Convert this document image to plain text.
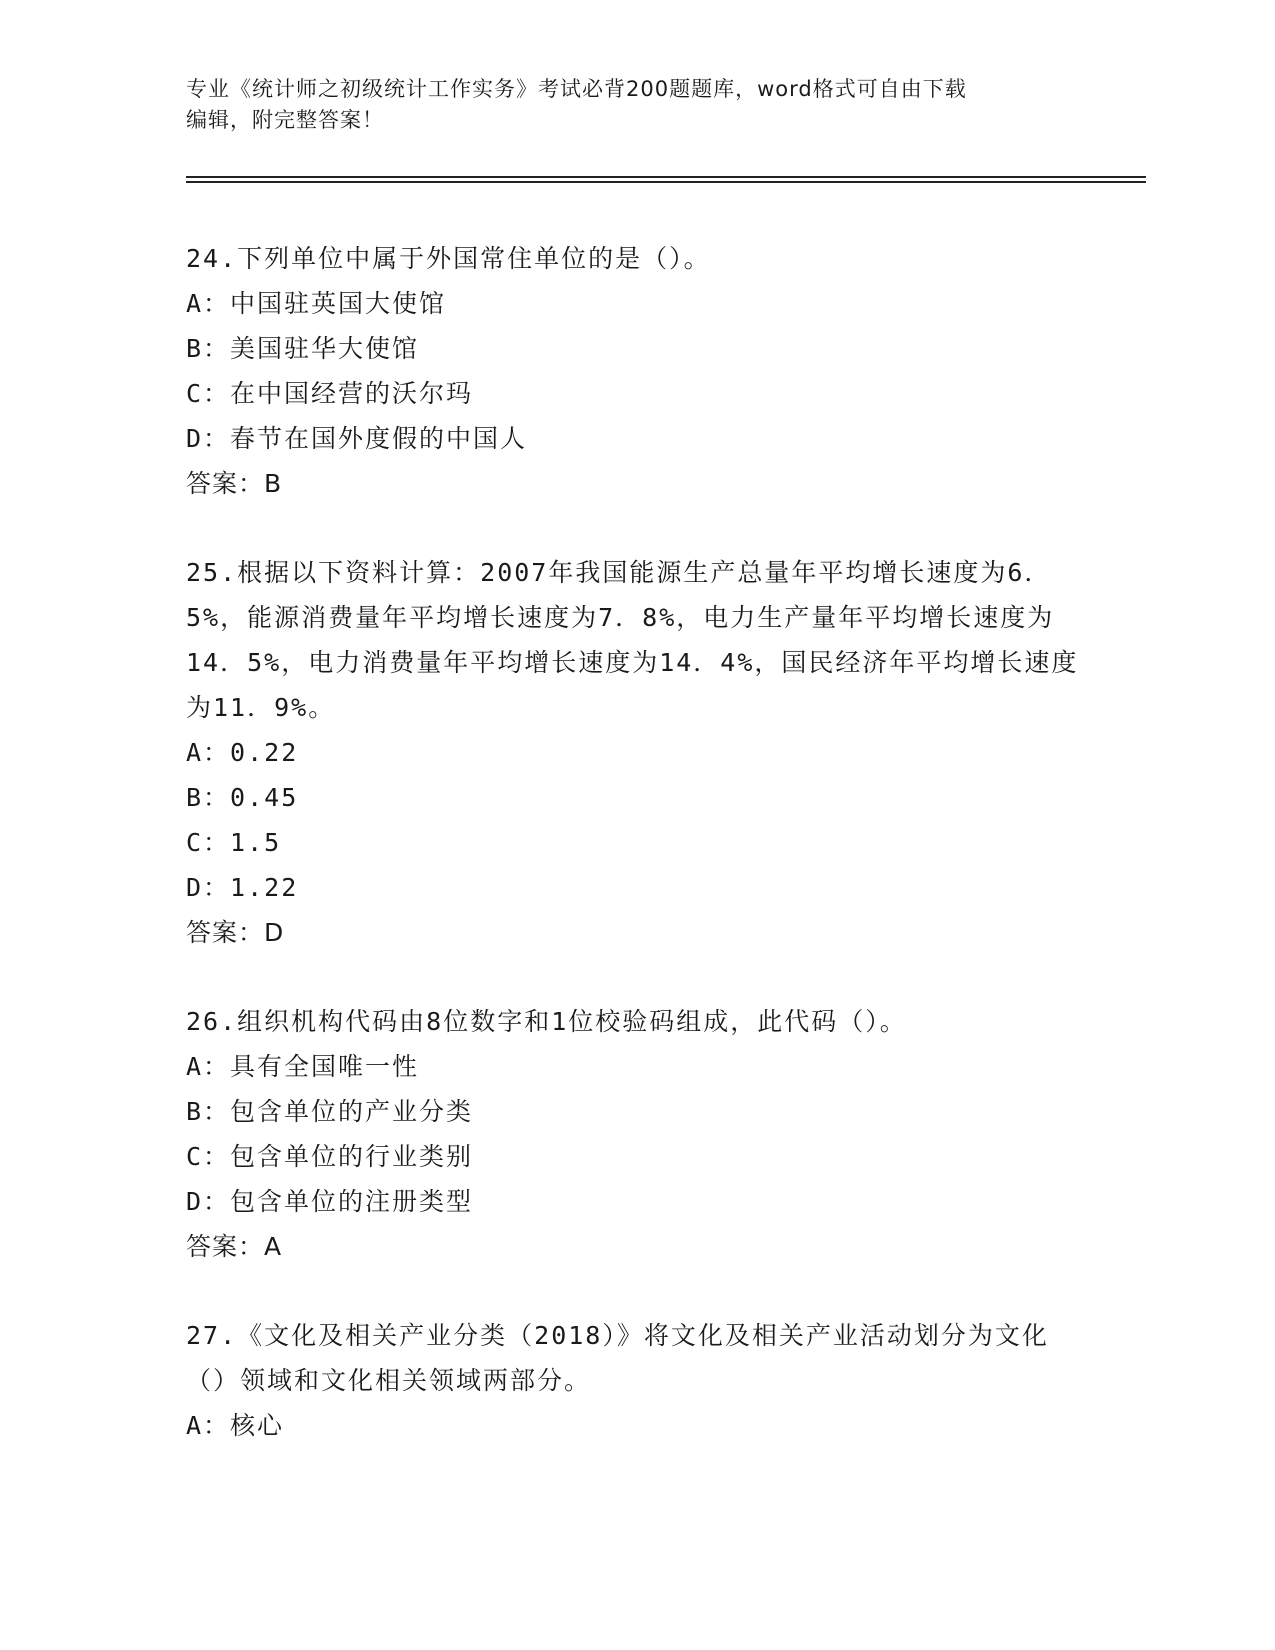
专业《统计师之初级统计工作实务》考试必背200题题库，word格式可自由下载
编辑，附完整答案！
24.下列单位中属于外国常住单位的是（）。
A：中国驻英国大使馆
B：美国驻华大使馆
C：在中国经营的沃尔玛
D：春节在国外度假的中国人
答案：B
25.根据以下资料计算：2007年我国能源生产总量年平均增长速度为6．5%，能源消费量年平均增长速度为7．8%，电力生产量年平均增长速度为14．5%，电力消费量年平均增长速度为14．4%，国民经济年平均增长速度为11．9%。
A：0.22
B：0.45
C：1.5
D：1.22
答案：D
26.组织机构代码由8位数字和1位校验码组成，此代码（）。
A：具有全国唯一性
B：包含单位的产业分类
C：包含单位的行业类别
D：包含单位的注册类型
答案：A
27.《文化及相关产业分类（2018）》将文化及相关产业活动划分为文化（）领域和文化相关领域两部分。
A：核心
